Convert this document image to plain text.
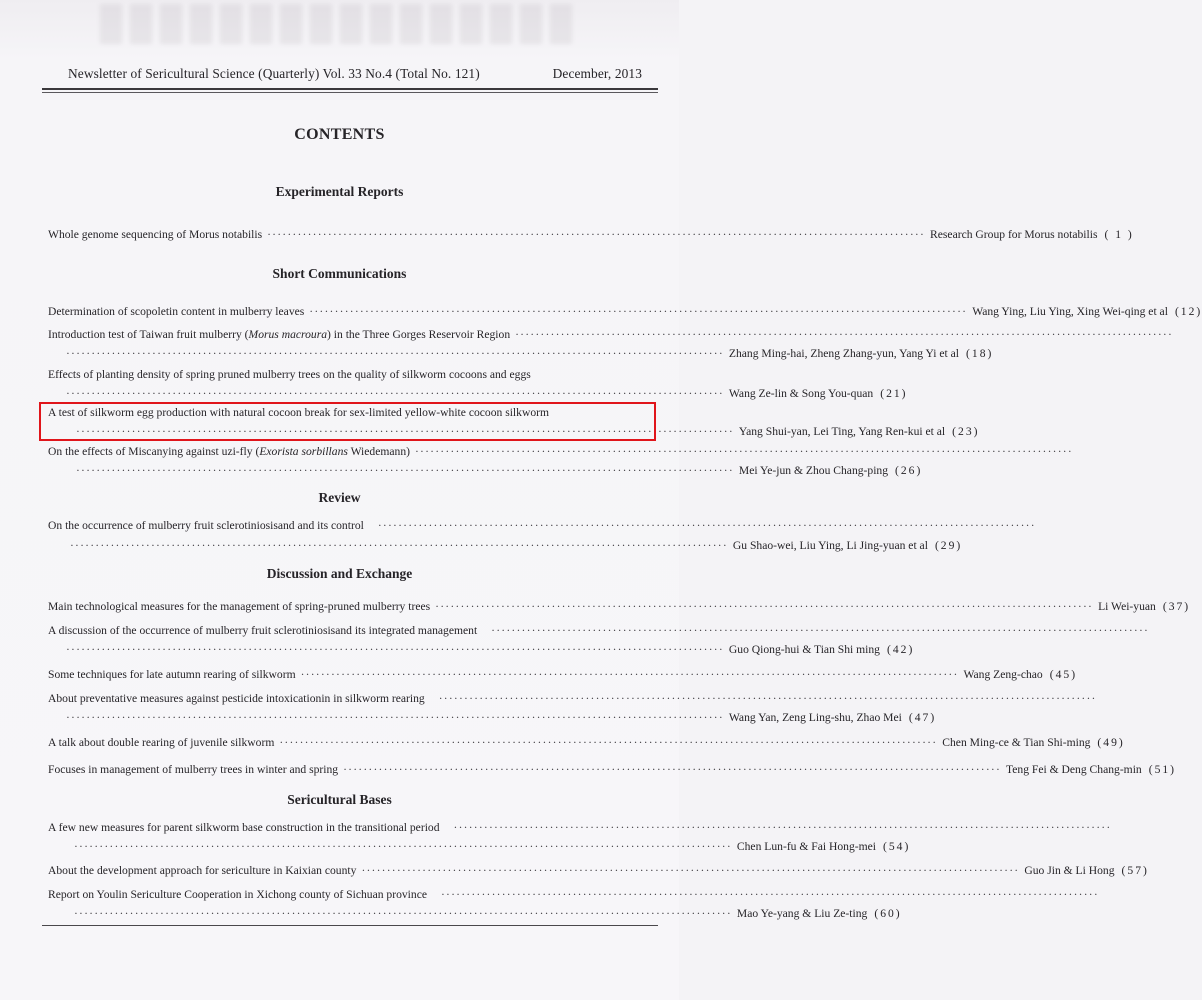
Newsletter of Sericultural Science (Quarterly) Vol. 33 No.4 (Total No. 121)	December, 2013
CONTENTS
Experimental Reports
Whole genome sequencing of Morus notabilis ·································································································································· Research Group for Morus notabilis ( 1 )
Short Communications
Determination of scopoletin content in mulberry leaves ·································································································································· Wang Ying, Liu Ying, Xing Wei-qing et al (12)
Introduction test of Taiwan fruit mulberry (Morus macroura) in the Three Gorges Reservoir Region ··································································································································
·································································································································· Zhang Ming-hai, Zheng Zhang-yun, Yang Yi et al (18)
Effects of planting density of spring pruned mulberry trees on the quality of silkworm cocoons and eggs
·································································································································· Wang Ze-lin & Song You-quan (21)
A test of silkworm egg production with natural cocoon break for sex-limited yellow-white cocoon silkworm
·································································································································· Yang Shui-yan, Lei Ting, Yang Ren-kui et al (23)
On the effects of Miscanying against uzi-fly (Exorista sorbillans Wiedemann) ··································································································································
·································································································································· Mei Ye-jun & Zhou Chang-ping (26)
Review
On the occurrence of mulberry fruit sclerotiniosisand and its control	··································································································································
·································································································································· Gu Shao-wei, Liu Ying, Li Jing-yuan et al (29)
Discussion and Exchange
Main technological measures for the management of spring-pruned mulberry trees ·································································································································· Li Wei-yuan (37)
A discussion of the occurrence of mulberry fruit sclerotiniosisand its integrated management	··································································································································
·································································································································· Guo Qiong-hui & Tian Shi ming (42)
Some techniques for late autumn rearing of silkworm ·································································································································· Wang Zeng-chao (45)
About preventative measures against pesticide intoxicationin in silkworm rearing	··································································································································
·································································································································· Wang Yan, Zeng Ling-shu, Zhao Mei (47)
A talk about double rearing of juvenile silkworm ·································································································································· Chen Ming-ce & Tian Shi-ming (49)
Focuses in management of mulberry trees in winter and spring ·································································································································· Teng Fei & Deng Chang-min (51)
Sericultural Bases
A few new measures for parent silkworm base construction in the transitional period	··································································································································
·································································································································· Chen Lun-fu & Fai Hong-mei (54)
About the development approach for sericulture in Kaixian county ·································································································································· Guo Jin & Li Hong (57)
Report on Youlin Sericulture Cooperation in Xichong county of Sichuan province	··································································································································
·································································································································· Mao Ye-yang & Liu Ze-ting (60)
